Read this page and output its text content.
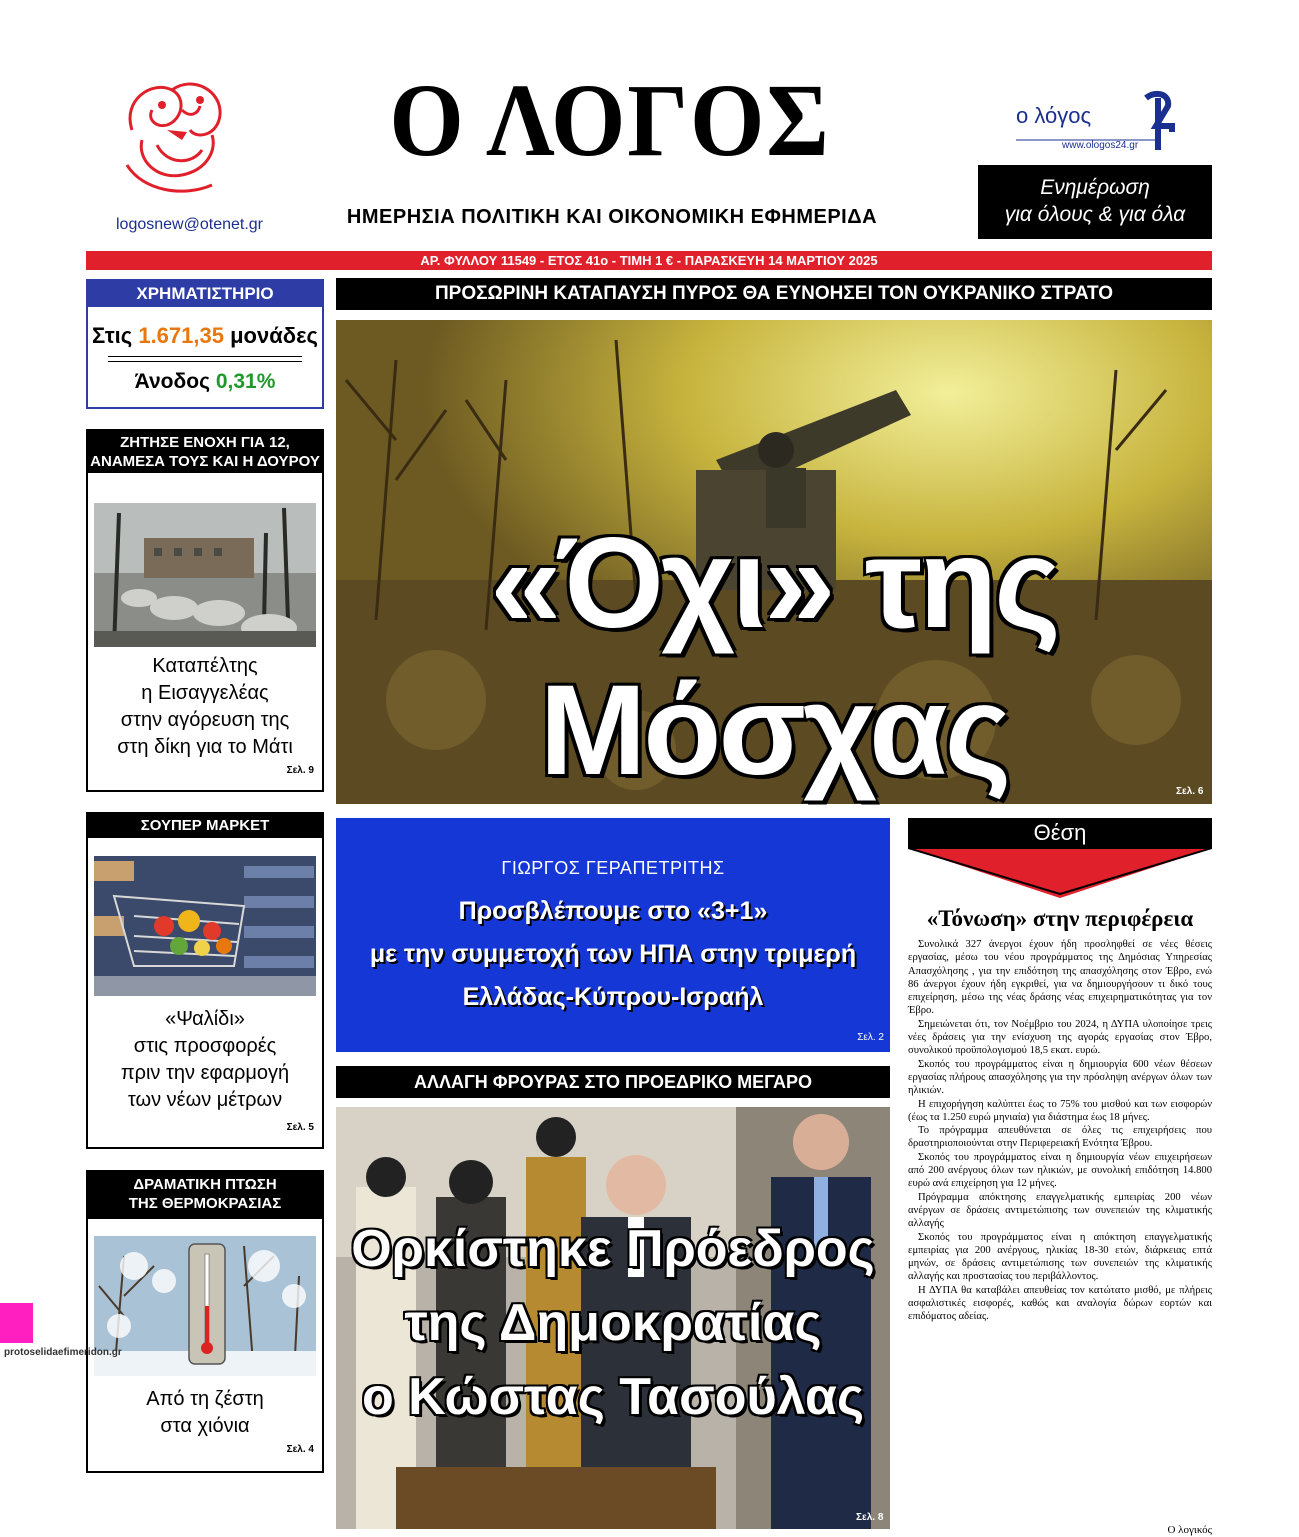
logosnew@otenet.gr
Ο ΛΟΓΟΣ
ΗΜΕΡΗΣΙΑ ΠΟΛΙΤΙΚΗ ΚΑΙ ΟΙΚΟΝΟΜΙΚΗ ΕΦΗΜΕΡΙΔΑ
ο λόγος
www.ologos24.gr
Ενημέρωση
για όλους & για όλα
ΑΡ. ΦΥΛΛΟΥ 11549 - ΕΤΟΣ 41ο - ΤΙΜΗ 1 € - ΠΑΡΑΣΚΕΥΗ 14 ΜΑΡΤΙΟΥ 2025
ΧΡΗΜΑΤΙΣΤΗΡΙΟ
Στις 1.671,35 μονάδες
Άνοδος 0,31%
ΖΗΤΗΣΕ ΕΝΟΧΗ ΓΙΑ 12,
ΑΝΑΜΕΣΑ ΤΟΥΣ ΚΑΙ Η ΔΟΥΡΟΥ
Καταπέλτης
η Εισαγγελέας
στην αγόρευση της
στη δίκη για το Μάτι
Σελ. 9
ΣΟΥΠΕΡ ΜΑΡΚΕΤ
«Ψαλίδι»
στις προσφορές
πριν την εφαρμογή
των νέων μέτρων
Σελ. 5
ΔΡΑΜΑΤΙΚΗ ΠΤΩΣΗ
ΤΗΣ ΘΕΡΜΟΚΡΑΣΙΑΣ
Από τη ζέστη
στα χιόνια
Σελ. 4
ΠΡΟΣΩΡΙΝΗ ΚΑΤΑΠΑΥΣΗ ΠΥΡΟΣ ΘΑ ΕΥΝΟΗΣΕΙ ΤΟΝ ΟΥΚΡΑΝΙΚΟ ΣΤΡΑΤΟ
«Όχι» της Μόσχας	Σελ. 6
ΓΙΩΡΓΟΣ ΓΕΡΑΠΕΤΡΙΤΗΣ
Προσβλέπουμε στο «3+1»
με την συμμετοχή των ΗΠΑ στην τριμερή
Ελλάδας-Κύπρου-Ισραήλ
Σελ. 2
ΑΛΛΑΓΗ ΦΡΟΥΡΑΣ ΣΤΟ ΠΡΟΕΔΡΙΚΟ ΜΕΓΑΡΟ
Ορκίστηκε Πρόεδρος
της Δημοκρατίας
ο Κώστας Τασούλας
Σελ. 8
Θέση
«Τόνωση» στην περιφέρεια

Συνολικά 327 άνεργοι έχουν ήδη προσληφθεί σε νέες θέσεις εργασίας, μέσω του νέου προγράμματος της Δημόσιας Υπηρεσίας Απασχόλησης , για την επιδότηση της απασχόλησης στον Έβρο, ενώ 86 άνεργοι έχουν ήδη εγκριθεί, για να δημιουργήσουν τι δικό τους επιχείρηση, μέσω της νέας δράσης νέας επιχειρηματικότητας για τον Έβρο.

Σημειώνεται ότι, τον Νοέμβριο του 2024, η ΔΥΠΑ υλοποίησε τρεις νέες δράσεις για την ενίσχυση της αγοράς εργασίας στον Έβρο, συνολικού προϋπολογισμού 18,5 εκατ. ευρώ.

Σκοπός του προγράμματος είναι η δημιουργία 600 νέων θέσεων εργασίας πλήρους απασχόλησης για την πρόσληψη ανέργων όλων των ηλικιών.

Η επιχορήγηση καλύπτει έως το 75% του μισθού και των εισφορών (έως τα 1.250 ευρώ μηνιαία) για διάστημα έως 18 μήνες.

Το πρόγραμμα απευθύνεται σε όλες τις επιχειρήσεις που δραστηριοποιούνται στην Περιφερειακή Ενότητα Έβρου.

Σκοπός του προγράμματος είναι η δημιουργία νέων επιχειρήσεων από 200 ανέργους όλων των ηλικιών, με συνολική επιδότηση 14.800 ευρώ ανά επιχείρηση για 12 μήνες.

Πρόγραμμα απόκτησης επαγγελματικής εμπειρίας 200 νέων ανέργων σε δράσεις αντιμετώπισης των συνεπειών της κλιματικής αλλαγής

Σκοπός του προγράμματος είναι η απόκτηση επαγγελματικής εμπειρίας για 200 ανέργους, ηλικίας 18-30 ετών, διάρκειας επτά μηνών, σε δράσεις αντιμετώπισης των συνεπειών της κλιματικής αλλαγής και προστασίας του περιβάλλοντος.

Η ΔΥΠΑ θα καταβάλει απευθείας τον κατώτατο μισθό, με πλήρεις ασφαλιστικές εισφορές, καθώς και αναλογία δώρων εορτών και επιδόματος αδείας.

Ο λογικός
protoselidaefimeridon.gr
